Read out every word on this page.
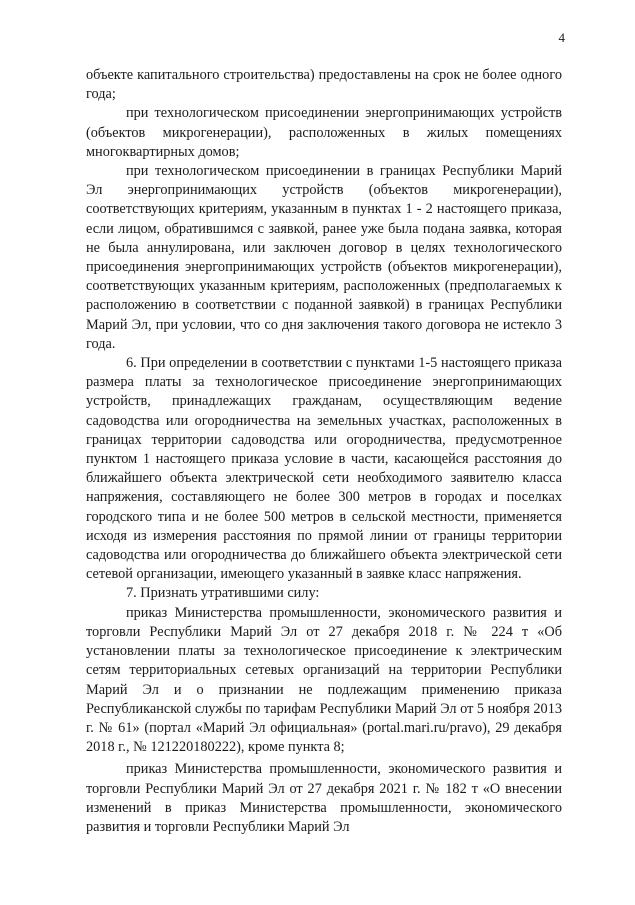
4

объекте капитального строительства) предоставлены на срок не более одного года;

при технологическом присоединении энергопринимающих устройств (объектов микрогенерации), расположенных в жилых помещениях многоквартирных домов;

при технологическом присоединении в границах Республики Марий Эл энергопринимающих устройств (объектов микрогенерации), соответствующих критериям, указанным в пунктах 1 - 2 настоящего приказа, если лицом, обратившимся с заявкой, ранее уже была подана заявка, которая не была аннулирована, или заключен договор в целях технологического присоединения энергопринимающих устройств (объектов микрогенерации), соответствующих указанным критериям, расположенных (предполагаемых к расположению в соответствии с поданной заявкой) в границах Республики Марий Эл, при условии, что со дня заключения такого договора не истекло 3 года.

6. При определении в соответствии с пунктами 1-5 настоящего приказа размера платы за технологическое присоединение энергопринимающих устройств, принадлежащих гражданам, осуществляющим ведение садоводства или огородничества на земельных участках, расположенных в границах территории садоводства или огородничества, предусмотренное пунктом 1 настоящего приказа условие в части, касающейся расстояния до ближайшего объекта электрической сети необходимого заявителю класса напряжения, составляющего не более 300 метров в городах и поселках городского типа и не более 500 метров в сельской местности, применяется исходя из измерения расстояния по прямой линии от границы территории садоводства или огородничества до ближайшего объекта электрической сети сетевой организации, имеющего указанный в заявке класс напряжения.

7. Признать утратившими силу:

приказ Министерства промышленности, экономического развития и торговли Республики Марий Эл от 27 декабря 2018 г. № 224 т «Об установлении платы за технологическое присоединение к электрическим сетям территориальных сетевых организаций на территории Республики Марий Эл и о признании не подлежащим применению приказа Республиканской службы по тарифам Республики Марий Эл от 5 ноября 2013 г. № 61» (портал «Марий Эл официальная» (portal.mari.ru/pravo), 29 декабря 2018 г., № 121220180222), кроме пункта 8;

приказ Министерства промышленности, экономического развития и торговли Республики Марий Эл от 27 декабря 2021 г. № 182 т «О внесении изменений в приказ Министерства промышленности, экономического развития и торговли Республики Марий Эл
